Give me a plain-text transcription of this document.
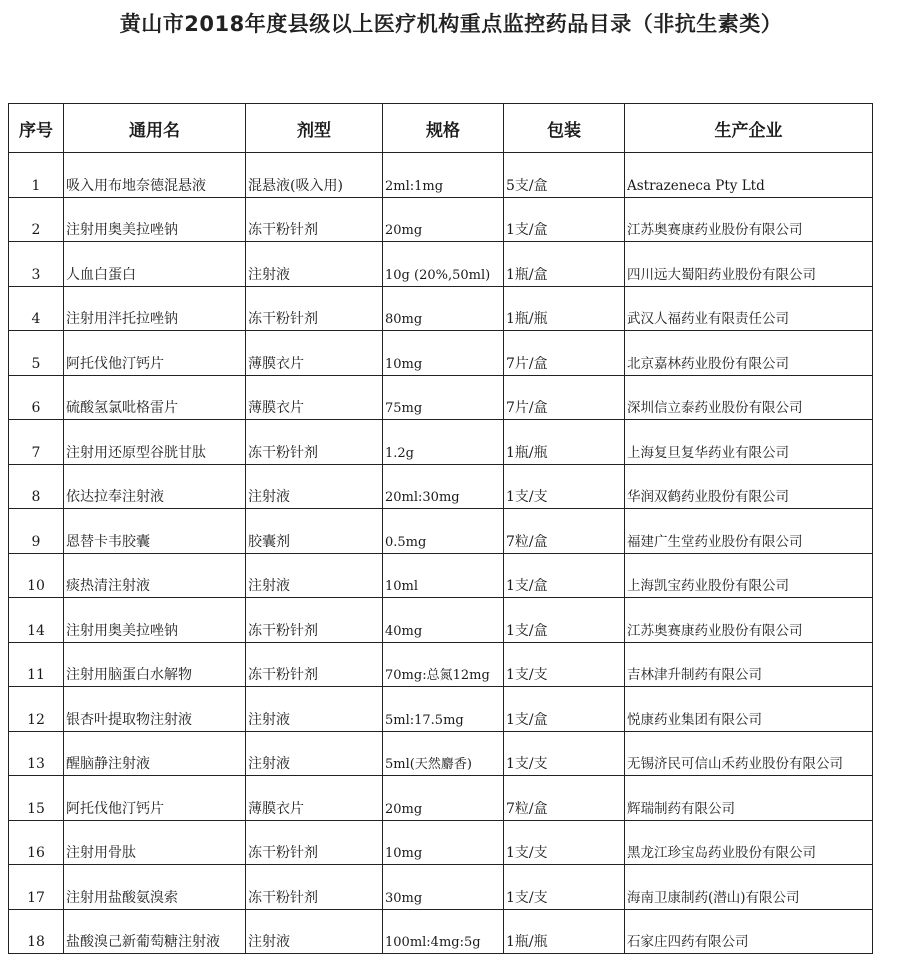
黄山市2018年度县级以上医疗机构重点监控药品目录（非抗生素类）
序号	通用名	剂型	规格	包装	生产企业
1	吸入用布地奈德混悬液	混悬液(吸入用)	2ml:1mg	5支/盒	Astrazeneca Pty Ltd
2	注射用奥美拉唑钠	冻干粉针剂	20mg	1支/盒	江苏奥赛康药业股份有限公司
3	人血白蛋白	注射液	10g (20%,50ml)	1瓶/盒	四川远大蜀阳药业股份有限公司
4	注射用泮托拉唑钠	冻干粉针剂	80mg	1瓶/瓶	武汉人福药业有限责任公司
5	阿托伐他汀钙片	薄膜衣片	10mg	7片/盒	北京嘉林药业股份有限公司
6	硫酸氢氯吡格雷片	薄膜衣片	75mg	7片/盒	深圳信立泰药业股份有限公司
7	注射用还原型谷胱甘肽	冻干粉针剂	1.2g	1瓶/瓶	上海复旦复华药业有限公司
8	依达拉奉注射液	注射液	20ml:30mg	1支/支	华润双鹤药业股份有限公司
9	恩替卡韦胶囊	胶囊剂	0.5mg	7粒/盒	福建广生堂药业股份有限公司
10	痰热清注射液	注射液	10ml	1支/盒	上海凯宝药业股份有限公司
14	注射用奥美拉唑钠	冻干粉针剂	40mg	1支/盒	江苏奥赛康药业股份有限公司
11	注射用脑蛋白水解物	冻干粉针剂	70mg:总氮12mg	1支/支	吉林津升制药有限公司
12	银杏叶提取物注射液	注射液	5ml:17.5mg	1支/盒	悦康药业集团有限公司
13	醒脑静注射液	注射液	5ml(天然麝香)	1支/支	无锡济民可信山禾药业股份有限公司
15	阿托伐他汀钙片	薄膜衣片	20mg	7粒/盒	辉瑞制药有限公司
16	注射用骨肽	冻干粉针剂	10mg	1支/支	黑龙江珍宝岛药业股份有限公司
17	注射用盐酸氨溴索	冻干粉针剂	30mg	1支/支	海南卫康制药(潜山)有限公司
18	盐酸溴己新葡萄糖注射液	注射液	100ml:4mg:5g	1瓶/瓶	石家庄四药有限公司
